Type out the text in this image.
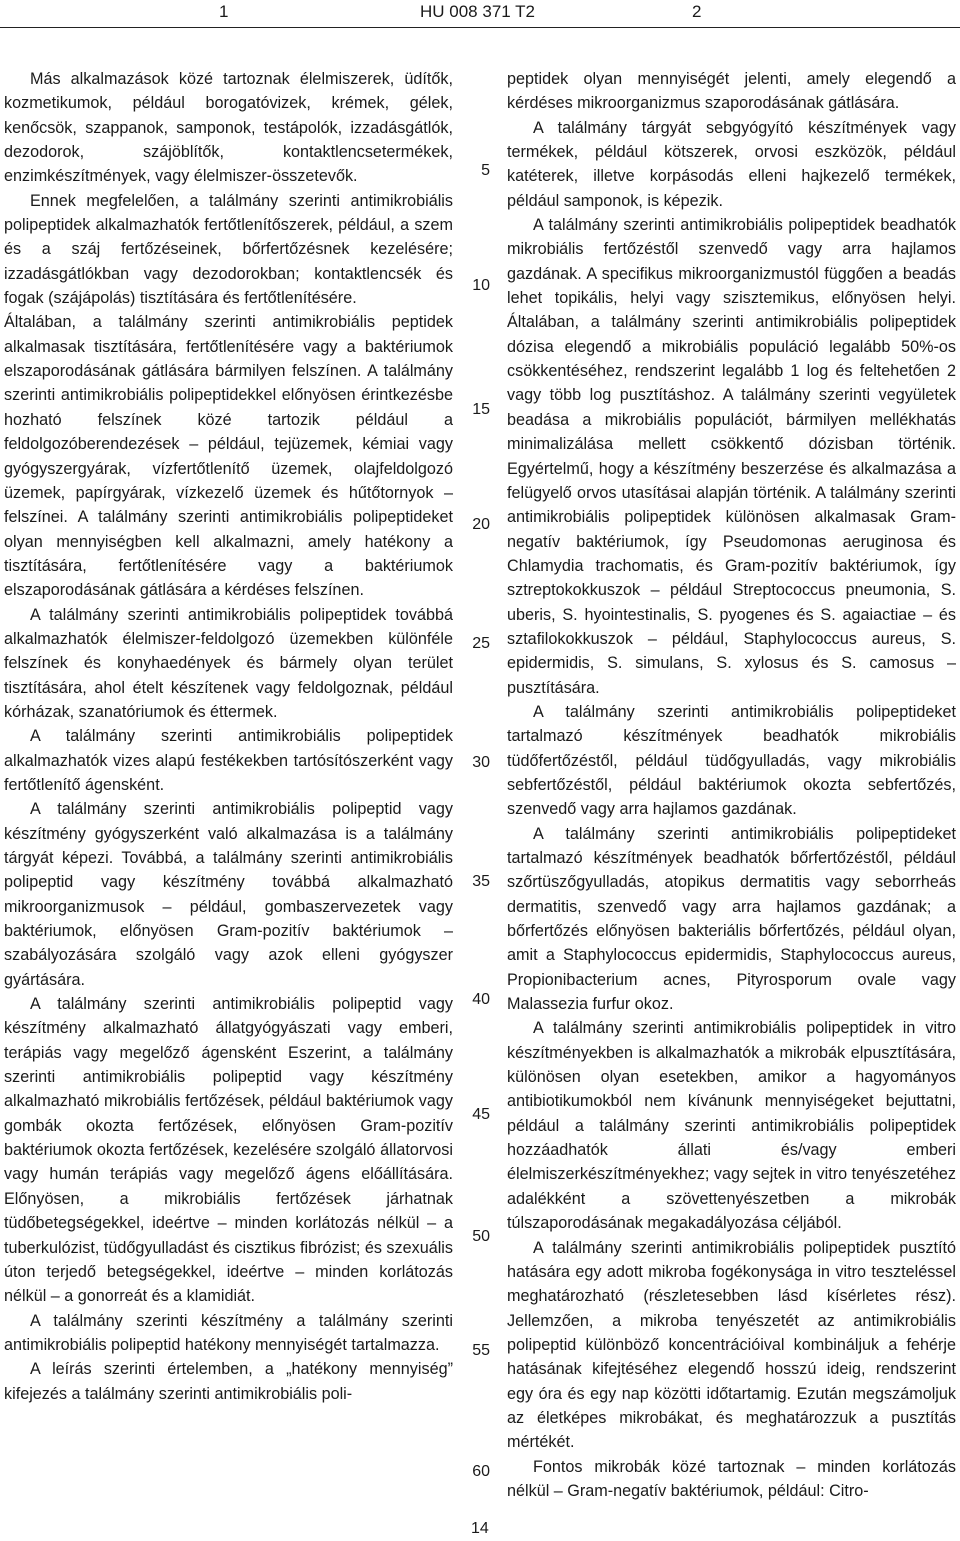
1	HU 008 371 T2	2

Más alkalmazások közé tartoznak élelmiszerek, üdítők, kozmetikumok, például borogatóvizek, krémek, gélek, kenőcsök, szappanok, samponok, testápolók, izzadásgátlók, dezodorok, szájöblítők, kontaktlencsetermékek, enzimkészítmények, vagy élelmiszer-összetevők.

Ennek megfelelően, a találmány szerinti antimikrobiális polipeptidek alkalmazhatók fertőtlenítőszerek, például, a szem és a száj fertőzéseinek, bőrfertőzésnek kezelésére; izzadásgátlókban vagy dezodorokban; kontaktlencsék és fogak (szájápolás) tisztítására és fertőtlenítésére.

Általában, a találmány szerinti antimikrobiális peptidek alkalmasak tisztítására, fertőtlenítésére vagy a baktériumok elszaporodásának gátlására bármilyen felszínen. A találmány szerinti antimikrobiális polipeptidekkel előnyösen érintkezésbe hozható felszínek közé tartozik például a feldolgozóberendezések – például, tejüzemek, kémiai vagy gyógyszergyárak, vízfertőtlenítő üzemek, olajfeldolgozó üzemek, papírgyárak, vízkezelő üzemek és hűtőtornyok – felszínei. A találmány szerinti antimikrobiális polipeptideket olyan mennyiségben kell alkalmazni, amely hatékony a tisztítására, fertőtlenítésére vagy a baktériumok elszaporodásának gátlására a kérdéses felszínen.

A találmány szerinti antimikrobiális polipeptidek továbbá alkalmazhatók élelmiszer-feldolgozó üzemekben különféle felszínek és konyhaedények és bármely olyan terület tisztítására, ahol ételt készítenek vagy feldolgoznak, például kórházak, szanatóriumok és éttermek.

A találmány szerinti antimikrobiális polipeptidek alkalmazhatók vizes alapú festékekben tartósítószerként vagy fertőtlenítő ágensként.

A találmány szerinti antimikrobiális polipeptid vagy készítmény gyógyszerként való alkalmazása is a találmány tárgyát képezi. Továbbá, a találmány szerinti antimikrobiális polipeptid vagy készítmény továbbá alkalmazható mikroorganizmusok – például, gombaszervezetek vagy baktériumok, előnyösen Gram-pozitív baktériumok – szabályozására szolgáló vagy azok elleni gyógyszer gyártására.

A találmány szerinti antimikrobiális polipeptid vagy készítmény alkalmazható állatgyógyászati vagy emberi, terápiás vagy megelőző ágensként Eszerint, a találmány szerinti antimikrobiális polipeptid vagy készítmény alkalmazható mikrobiális fertőzések, például baktériumok vagy gombák okozta fertőzések, előnyösen Gram-pozitív baktériumok okozta fertőzések, kezelésére szolgáló állatorvosi vagy humán terápiás vagy megelőző ágens előállítására. Előnyösen, a mikrobiális fertőzések járhatnak tüdőbetegségekkel, ideértve – minden korlátozás nélkül – a tuberkulózist, tüdőgyulladást és cisztikus fibrózist; és szexuális úton terjedő betegségekkel, ideértve – minden korlátozás nélkül – a gonorreát és a klamidiát.

A találmány szerinti készítmény a találmány szerinti antimikrobiális polipeptid hatékony mennyiségét tartalmazza.

A leírás szerinti értelemben, a „hatékony mennyiség” kifejezés a találmány szerinti antimikrobiális poli-

5
10
15
20
25
30
35
40
45
50
55
60

peptidek olyan mennyiségét jelenti, amely elegendő a kérdéses mikroorganizmus szaporodásának gátlására.

A találmány tárgyát sebgyógyító készítmények vagy termékek, például kötszerek, orvosi eszközök, például katéterek, illetve korpásodás elleni hajkezelő termékek, például samponok, is képezik.

A találmány szerinti antimikrobiális polipeptidek beadhatók mikrobiális fertőzéstől szenvedő vagy arra hajlamos gazdának. A specifikus mikroorganizmustól függően a beadás lehet topikális, helyi vagy szisztemikus, előnyösen helyi. Általában, a találmány szerinti antimikrobiális polipeptidek dózisa elegendő a mikrobiális populáció legalább 50%-os csökkentéséhez, rendszerint legalább 1 log és feltehetően 2 vagy több log pusztításhoz. A találmány szerinti vegyületek beadása a mikrobiális populációt, bármilyen mellékhatás minimalizálása mellett csökkentő dózisban történik. Egyértelmű, hogy a készítmény beszerzése és alkalmazása a felügyelő orvos utasításai alapján történik. A találmány szerinti antimikrobiális polipeptidek különösen alkalmasak Gram-negatív baktériumok, így Pseudomonas aeruginosa és Chlamydia trachomatis, és Gram-pozitív baktériumok, így sztreptokokkuszok – például Streptococcus pneumonia, S. uberis, S. hyointestinalis, S. pyogenes és S. agaiactiae – és sztafilokokkuszok – például, Staphylococcus aureus, S. epidermidis, S. simulans, S. xylosus és S. camosus – pusztítására.

A találmány szerinti antimikrobiális polipeptideket tartalmazó készítmények beadhatók mikrobiális tüdőfertőzéstől, például tüdőgyulladás, vagy mikrobiális sebfertőzéstől, például baktériumok okozta sebfertőzés, szenvedő vagy arra hajlamos gazdának.

A találmány szerinti antimikrobiális polipeptideket tartalmazó készítmények beadhatók bőrfertőzéstől, például szőrtüszőgyulladás, atopikus dermatitis vagy seborrheás dermatitis, szenvedő vagy arra hajlamos gazdának; a bőrfertőzés előnyösen bakteriális bőrfertőzés, például olyan, amit a Staphylococcus epidermidis, Staphylococcus aureus, Propionibacterium acnes, Pityrosporum ovale vagy Malassezia furfur okoz.

A találmány szerinti antimikrobiális polipeptidek in vitro készítményekben is alkalmazhatók a mikrobák elpusztítására, különösen olyan esetekben, amikor a hagyományos antibiotikumokból nem kívánunk mennyiségeket bejuttatni, például a találmány szerinti antimikrobiális polipeptidek hozzáadhatók állati és/vagy emberi élelmiszerkészítményekhez; vagy sejtek in vitro tenyészetéhez adalékként a szövettenyészetben a mikrobák túlszaporodásának megakadályozása céljából.

A találmány szerinti antimikrobiális polipeptidek pusztító hatására egy adott mikroba fogékonysága in vitro teszteléssel meghatározható (részletesebben lásd kísérletes rész). Jellemzően, a mikroba tenyészetét az antimikrobiális polipeptid különböző koncentrációival kombináljuk a fehérje hatásának kifejtéséhez elegendő hosszú ideig, rendszerint egy óra és egy nap közötti időtartamig. Ezután megszámoljuk az életképes mikrobákat, és meghatározzuk a pusztítás mértékét.

Fontos mikrobák közé tartoznak – minden korlátozás nélkül – Gram-negatív baktériumok, például: Citro-

14
